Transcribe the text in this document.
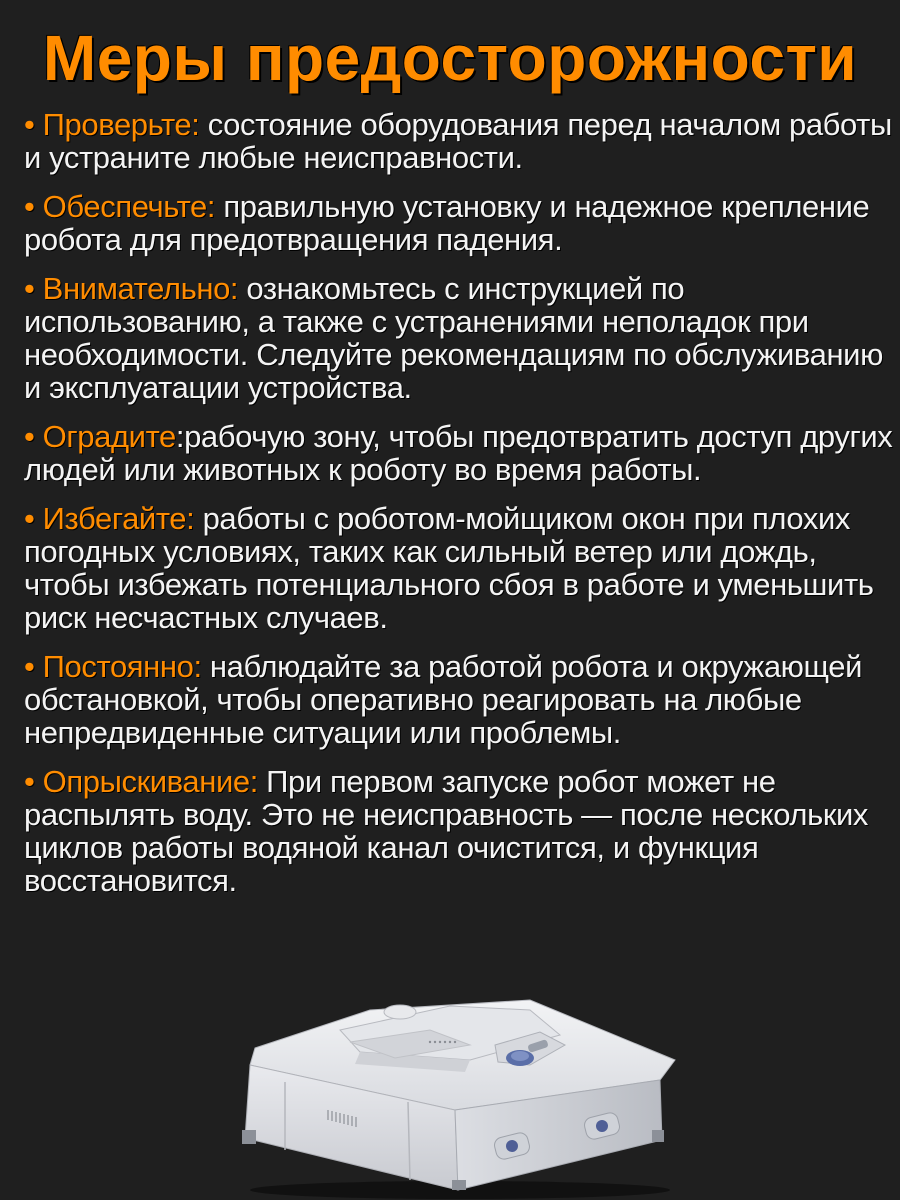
Меры предосторожности
• Проверьте: состояние оборудования перед началом работы и устраните любые неисправности.
• Обеспечьте: правильную установку и надежное крепление робота для предотвращения падения.
• Внимательно: ознакомьтесь с инструкцией по использованию, а также с устранениями неполадок при необходимости. Следуйте рекомендациям по обслуживанию и эксплуатации устройства.
• Оградите:рабочую зону, чтобы предотвратить доступ других людей или животных к роботу во время работы.
• Избегайте: работы с роботом-мойщиком окон при плохих погодных условиях, таких как сильный ветер или дождь, чтобы избежать потенциального сбоя в работе и уменьшить риск несчастных случаев.
• Постоянно: наблюдайте за работой робота и окружающей обстановкой, чтобы оперативно реагировать на любые непредвиденные ситуации или проблемы.
• Опрыскивание: При первом запуске робот может не распылять воду. Это не неисправность — после нескольких циклов работы водяной канал очистится, и функция восстановится.
